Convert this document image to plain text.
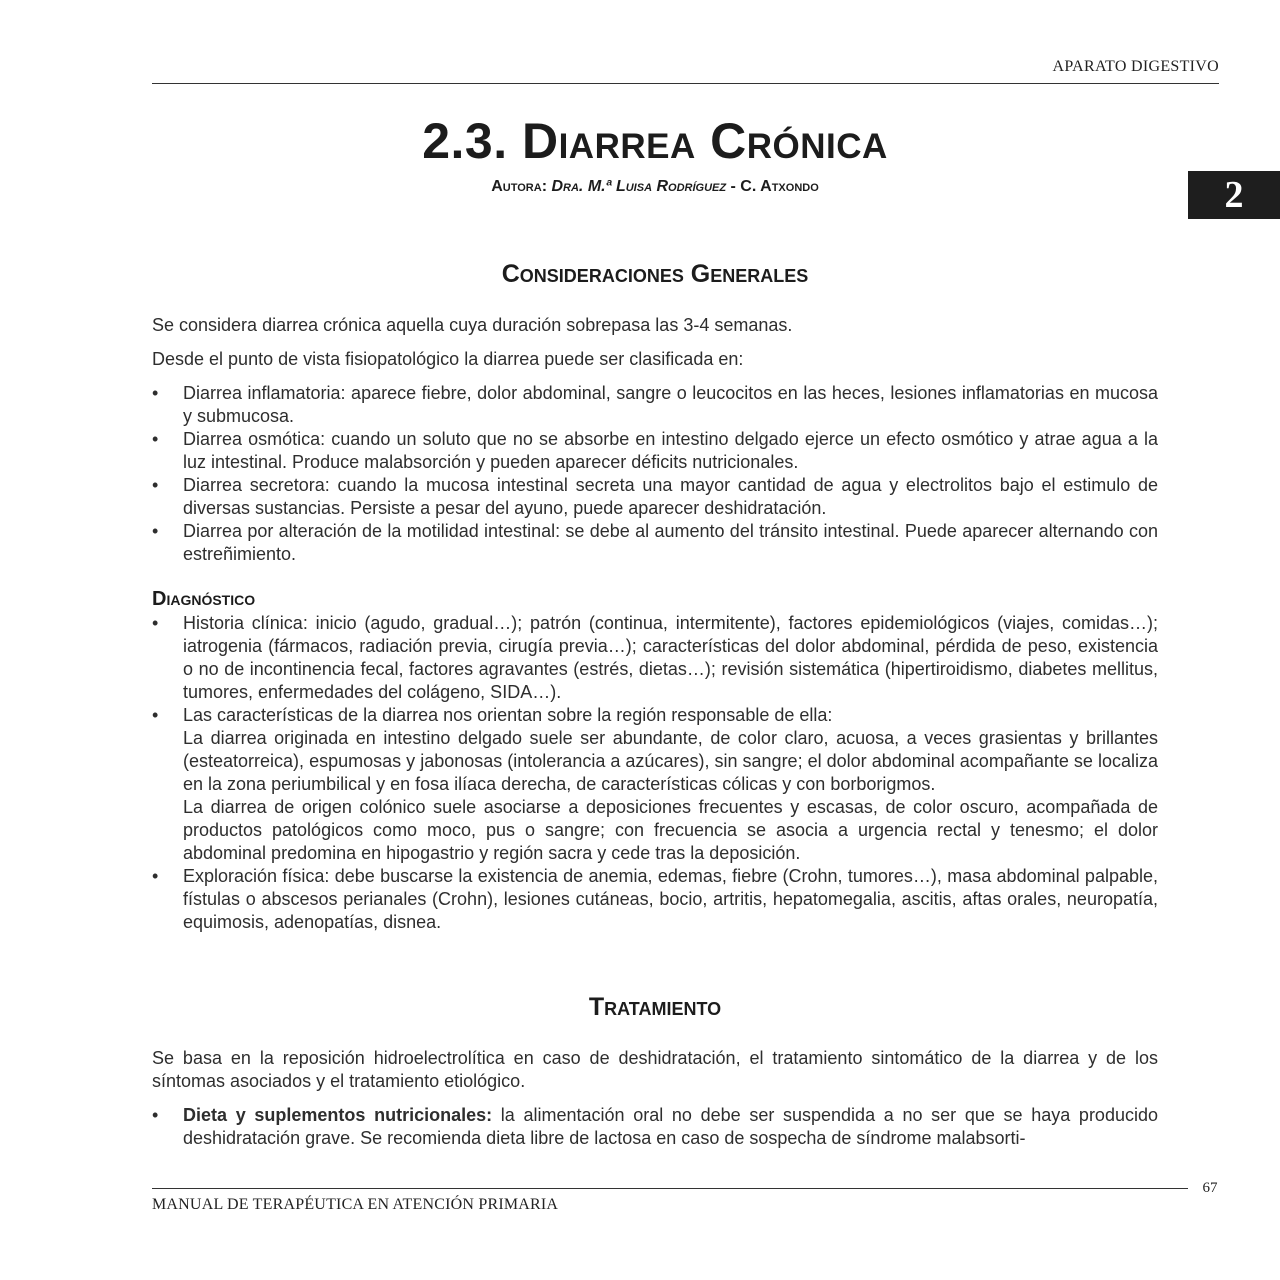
APARATO DIGESTIVO
2
2.3. Diarrea Crónica
Autora: Dra. M.ª Luisa Rodríguez - C. Atxondo
Consideraciones Generales

Se considera diarrea crónica aquella cuya duración sobrepasa las 3-4 semanas.

Desde el punto de vista fisiopatológico la diarrea puede ser clasificada en:

• Diarrea inflamatoria: aparece fiebre, dolor abdominal, sangre o leucocitos en las heces, lesiones inflamatorias en mucosa y submucosa.
• Diarrea osmótica: cuando un soluto que no se absorbe en intestino delgado ejerce un efecto osmótico y atrae agua a la luz intestinal. Produce malabsorción y pueden aparecer déficits nutricionales.
• Diarrea secretora: cuando la mucosa intestinal secreta una mayor cantidad de agua y electrolitos bajo el estimulo de diversas sustancias. Persiste a pesar del ayuno, puede aparecer deshidratación.
• Diarrea por alteración de la motilidad intestinal: se debe al aumento del tránsito intestinal. Puede aparecer alternando con estreñimiento.
Diagnóstico
• Historia clínica: inicio (agudo, gradual…); patrón (continua, intermitente), factores epidemiológicos (viajes, comidas…); iatrogenia (fármacos, radiación previa, cirugía previa…); características del dolor abdominal, pérdida de peso, existencia o no de incontinencia fecal, factores agravantes (estrés, dietas…); revisión sistemática (hipertiroidismo, diabetes mellitus, tumores, enfermedades del colágeno, SIDA…).
• Las características de la diarrea nos orientan sobre la región responsable de ella:

La diarrea originada en intestino delgado suele ser abundante, de color claro, acuosa, a veces grasientas y brillantes (esteatorreica), espumosas y jabonosas (intolerancia a azúcares), sin sangre; el dolor abdominal acompañante se localiza en la zona periumbilical y en fosa ilíaca derecha, de características cólicas y con borborigmos.

La diarrea de origen colónico suele asociarse a deposiciones frecuentes y escasas, de color oscuro, acompañada de productos patológicos como moco, pus o sangre; con frecuencia se asocia a urgencia rectal y tenesmo; el dolor abdominal predomina en hipogastrio y región sacra y cede tras la deposición.

• Exploración física: debe buscarse la existencia de anemia, edemas, fiebre (Crohn, tumores…), masa abdominal palpable, fístulas o abscesos perianales (Crohn), lesiones cutáneas, bocio, artritis, hepatomegalia, ascitis, aftas orales, neuropatía, equimosis, adenopatías, disnea.
Tratamiento

Se basa en la reposición hidroelectrolítica en caso de deshidratación, el tratamiento sintomático de la diarrea y de los síntomas asociados y el tratamiento etiológico.

• Dieta y suplementos nutricionales: la alimentación oral no debe ser suspendida a no ser que se haya producido deshidratación grave. Se recomienda dieta libre de lactosa en caso de sospecha de síndrome malabsorti-
67
MANUAL DE TERAPÉUTICA EN ATENCIÓN PRIMARIA
